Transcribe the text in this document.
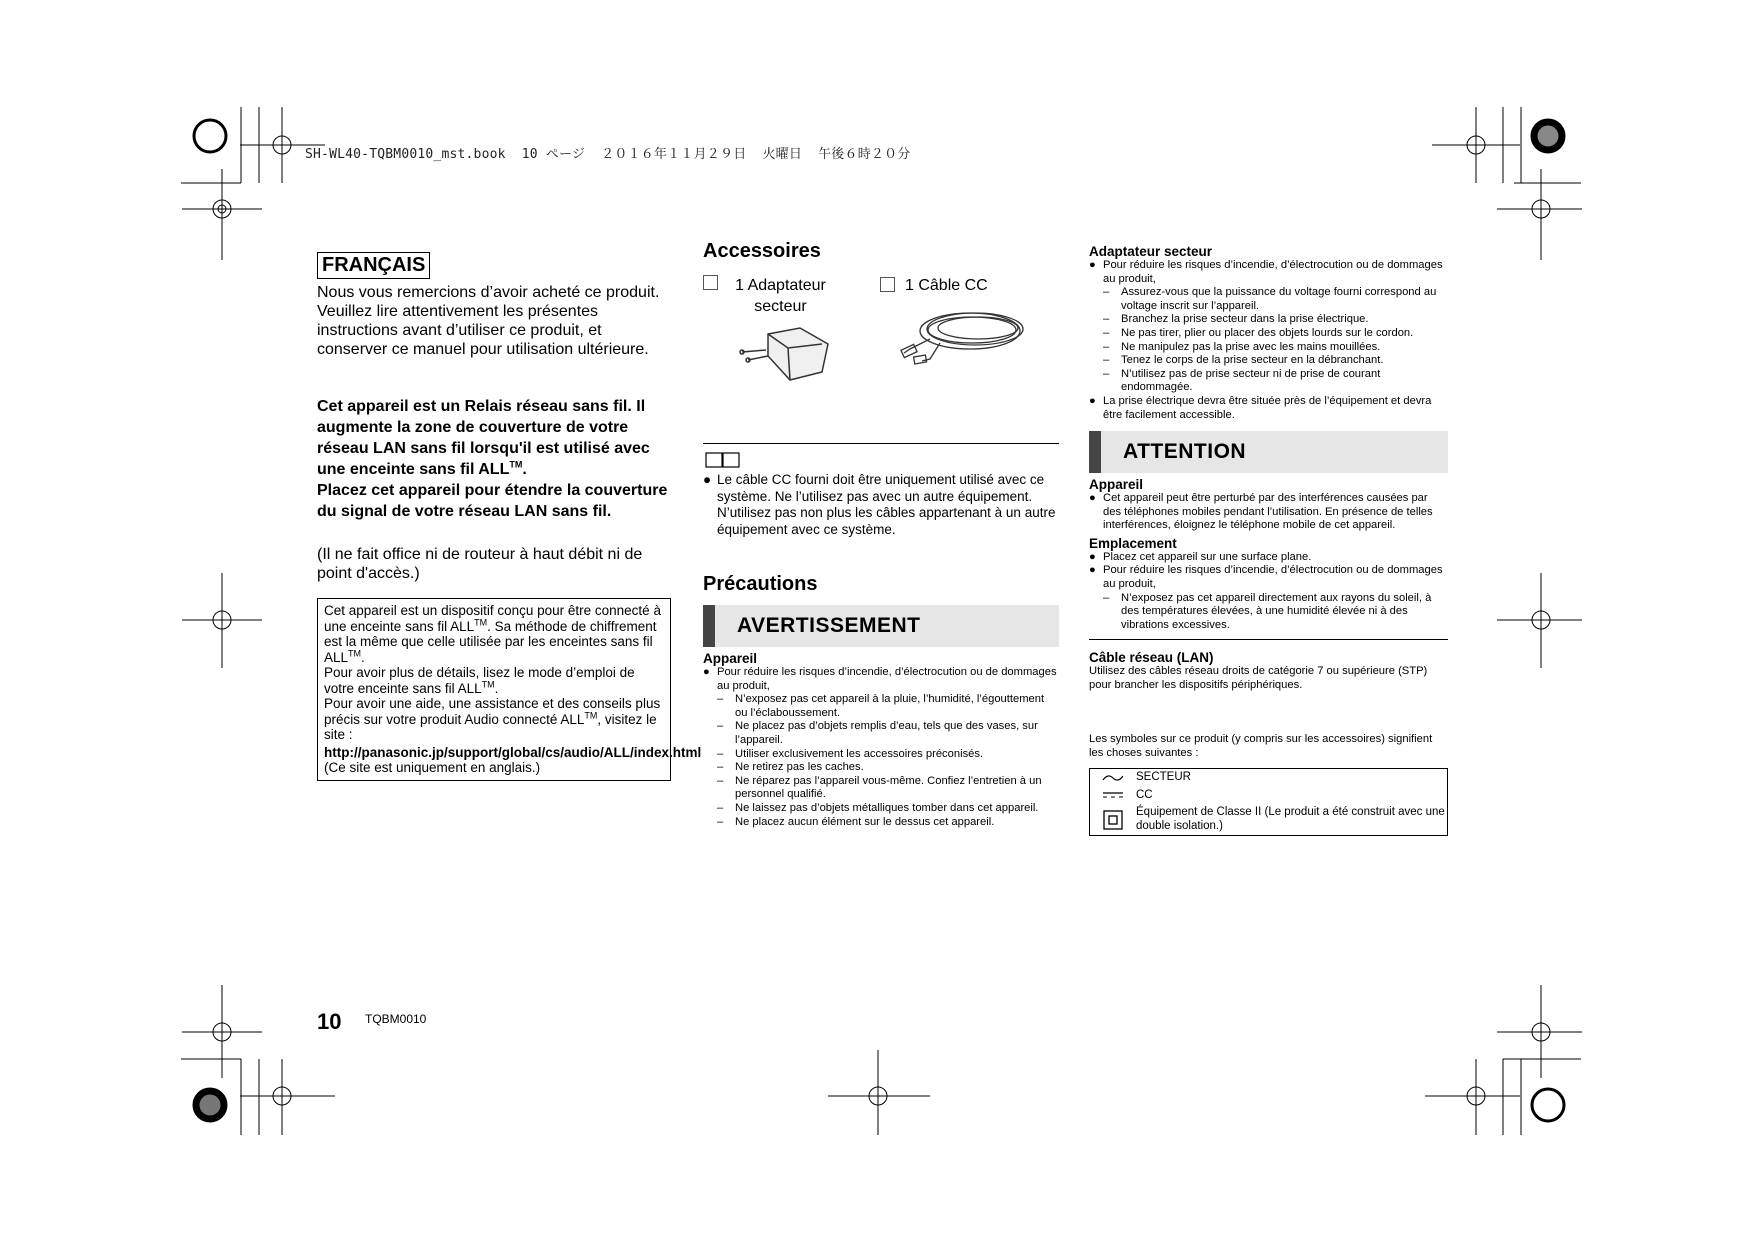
SH-WL40-TQBM0010_mst.book  10 ページ  ２０１６年１１月２９日  火曜日  午後６時２０分
FRANÇAIS

Nous vous remercions d’avoir acheté ce produit.

Veuillez lire attentivement les présentes instructions avant d’utiliser ce produit, et conserver ce manuel pour utilisation ultérieure.

Cet appareil est un Relais réseau sans fil. Il augmente la zone de couverture de votre réseau LAN sans fil lorsqu'il est utilisé avec une enceinte sans fil ALL™.

Placez cet appareil pour étendre la couverture du signal de votre réseau LAN sans fil.

(Il ne fait office ni de routeur à haut débit ni de point d'accès.)

Cet appareil est un dispositif conçu pour être connecté à une enceinte sans fil ALL™. Sa méthode de chiffrement est la même que celle utilisée par les enceintes sans fil ALL™.

Pour avoir plus de détails, lisez le mode d’emploi de votre enceinte sans fil ALL™.

Pour avoir une aide, une assistance et des conseils plus précis sur votre produit Audio connecté ALL™, visitez le site :

http://panasonic.jp/support/global/cs/audio/ALL/index.html

(Ce site est uniquement en anglais.)

Accessoires
1 Adaptateur secteur
1 Câble CC
● Le câble CC fourni doit être uniquement utilisé avec ce système. Ne l’utilisez pas avec un autre équipement. N’utilisez pas non plus les câbles appartenant à un autre équipement avec ce système.
Précautions
AVERTISSEMENT
Appareil
● Pour réduire les risques d’incendie, d’électrocution ou de dommages au produit,
–	N’exposez pas cet appareil à la pluie, l’humidité, l’égouttement ou l’éclaboussement.
–	Ne placez pas d’objets remplis d’eau, tels que des vases, sur l’appareil.
–	Utiliser exclusivement les accessoires préconisés.
–	Ne retirez pas les caches.
–	Ne réparez pas l’appareil vous-même. Confiez l’entretien à un personnel qualifié.
–	Ne laissez pas d’objets métalliques tomber dans cet appareil.
–	Ne placez aucun élément sur le dessus cet appareil.
Adaptateur secteur
● Pour réduire les risques d’incendie, d’électrocution ou de dommages au produit,
–	Assurez-vous que la puissance du voltage fourni correspond au voltage inscrit sur l’appareil.
–	Branchez la prise secteur dans la prise électrique.
–	Ne pas tirer, plier ou placer des objets lourds sur le cordon.
–	Ne manipulez pas la prise avec les mains mouillées.
–	Tenez le corps de la prise secteur en la débranchant.
–	N’utilisez pas de prise secteur ni de prise de courant endommagée.
● La prise électrique devra être située près de l’équipement et devra être facilement accessible.
ATTENTION
Appareil
● Cet appareil peut être perturbé par des interférences causées par des téléphones mobiles pendant l’utilisation. En présence de telles interférences, éloignez le téléphone mobile de cet appareil.
Emplacement
● Placez cet appareil sur une surface plane.
● Pour réduire les risques d’incendie, d’électrocution ou de dommages au produit,
–	N’exposez pas cet appareil directement aux rayons du soleil, à des températures élevées, à une humidité élevée ni à des vibrations excessives.
Câble réseau (LAN)
Utilisez des câbles réseau droits de catégorie 7 ou supérieure (STP) pour brancher les dispositifs périphériques.
Les symboles sur ce produit (y compris sur les accessoires) signifient les choses suivantes :
SECTEUR
CC
Équipement de Classe II (Le produit a été construit avec une double isolation.)
10 TQBM0010
